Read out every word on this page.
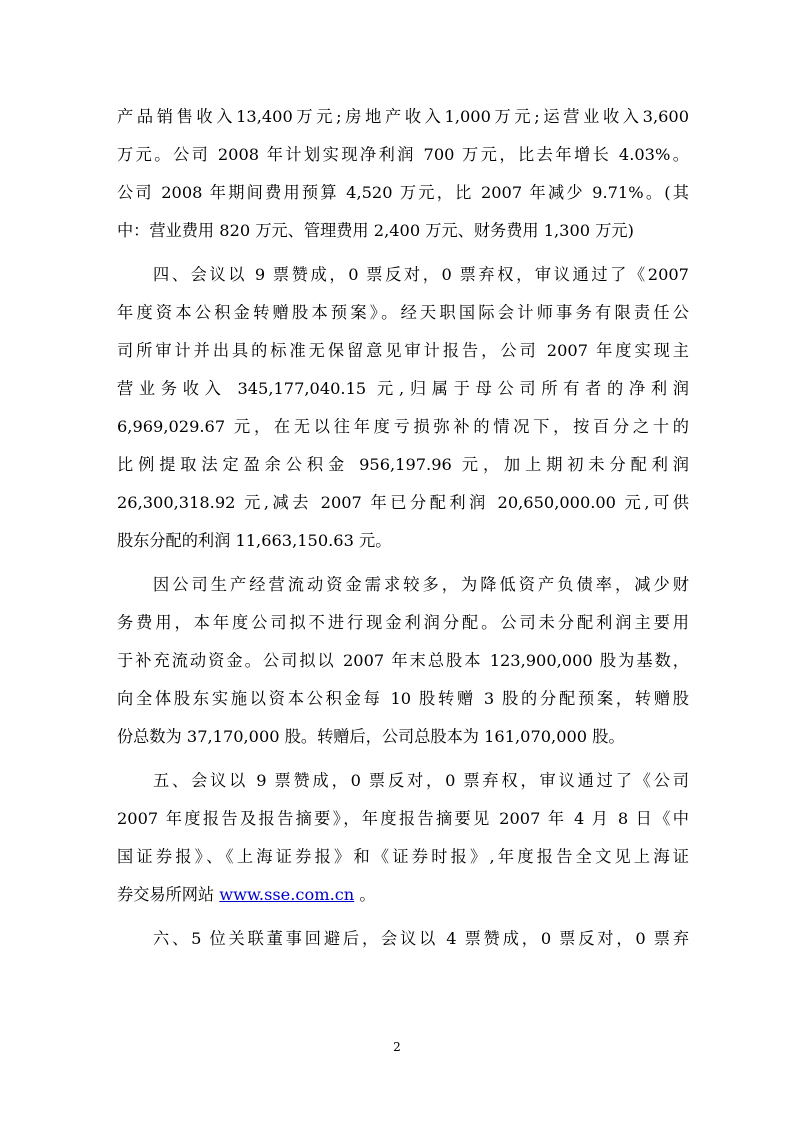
产品销售收入13,400万元;房地产收入1,000万元;运营业收入3,600
万元。公司 2008 年计划实现净利润 700 万元，比去年增长 4.03%。
公司 2008 年期间费用预算 4,520 万元，比 2007 年减少 9.71%。(其
中：营业费用 820 万元、管理费用 2,400 万元、财务费用 1,300 万元)
四、会议以 9 票赞成，0 票反对，0 票弃权，审议通过了《2007
年度资本公积金转赠股本预案》。经天职国际会计师事务有限责任公
司所审计并出具的标准无保留意见审计报告，公司 2007 年度实现主
营业务收入 345,177,040.15 元,归属于母公司所有者的净利润
6,969,029.67 元，在无以往年度亏损弥补的情况下，按百分之十的
比例提取法定盈余公积金 956,197.96 元，加上期初未分配利润
26,300,318.92 元,减去 2007 年已分配利润 20,650,000.00 元,可供
股东分配的利润 11,663,150.63 元。
因公司生产经营流动资金需求较多，为降低资产负债率，减少财
务费用，本年度公司拟不进行现金利润分配。公司未分配利润主要用
于补充流动资金。公司拟以 2007 年末总股本 123,900,000 股为基数，
向全体股东实施以资本公积金每 10 股转赠 3 股的分配预案，转赠股
份总数为 37,170,000 股。转赠后，公司总股本为 161,070,000 股。
五、会议以 9 票赞成，0 票反对，0 票弃权，审议通过了《公司
2007 年度报告及报告摘要》，年度报告摘要见 2007 年 4 月 8 日《中
国证券报》、《上海证券报》和《证券时报》,年度报告全文见上海证
券交易所网站 www.sse.com.cn 。
六、5 位关联董事回避后，会议以 4 票赞成，0 票反对，0 票弃
2
